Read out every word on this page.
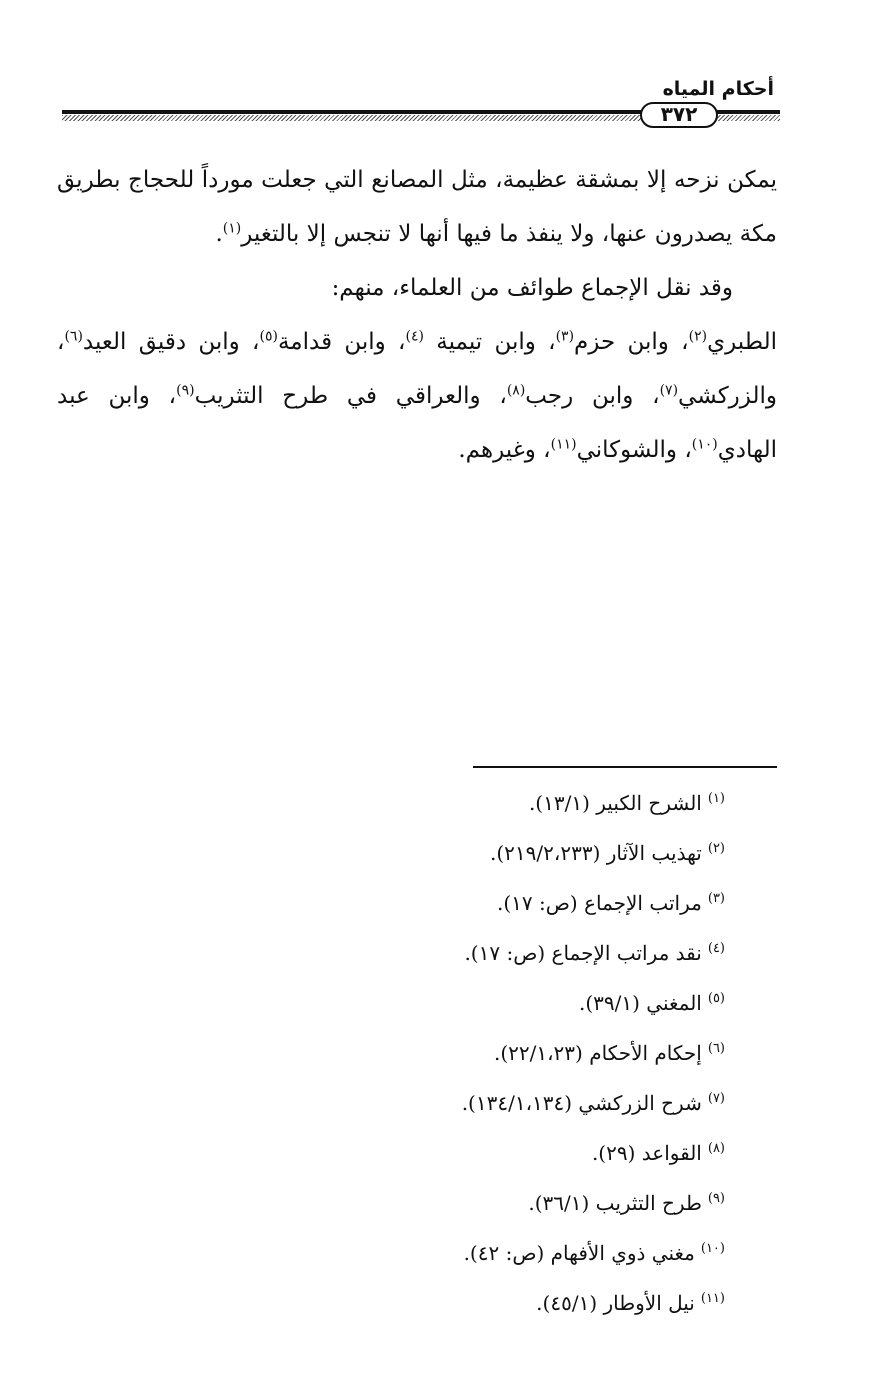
أحكام المياه
٣٧٢

يمكن نزحه إلا بمشقة عظيمة، مثل المصانع التي جعلت مورداً للحجاج بطريق مكة يصدرون عنها، ولا ينفذ ما فيها أنها لا تنجس إلا بالتغير$^{(١)}$.

وقد نقل الإجماع طوائف من العلماء، منهم:

الطبري$^{(٢)}$، وابن حزم$^{(٣)}$، وابن تيمية $^{(٤)}$، وابن قدامة$^{(٥)}$، وابن دقيق العيد$^{(٦)}$، والزركشي$^{(٧)}$، وابن رجب$^{(٨)}$، والعراقي في طرح التثريب$^{(٩)}$، وابن عبد الهادي$^{(١٠)}$، والشوكاني$^{(١١)}$، وغيرهم.

$^{(١)}$الشرح الكبير (١٣/١).
$^{(٢)}$تهذيب الآثار (٢١٩/٢،٢٣٣).
$^{(٣)}$مراتب الإجماع (ص: ١٧).
$^{(٤)}$نقد مراتب الإجماع (ص: ١٧).
$^{(٥)}$المغني (٣٩/١).
$^{(٦)}$إحكام الأحكام (٢٢/١،٢٣).
$^{(٧)}$شرح الزركشي (١٣٤/١،١٣٤).
$^{(٨)}$القواعد (٢٩).
$^{(٩)}$طرح التثريب (٣٦/١).
$^{(١٠)}$مغني ذوي الأفهام (ص: ٤٢).
$^{(١١)}$نيل الأوطار (٤٥/١).
